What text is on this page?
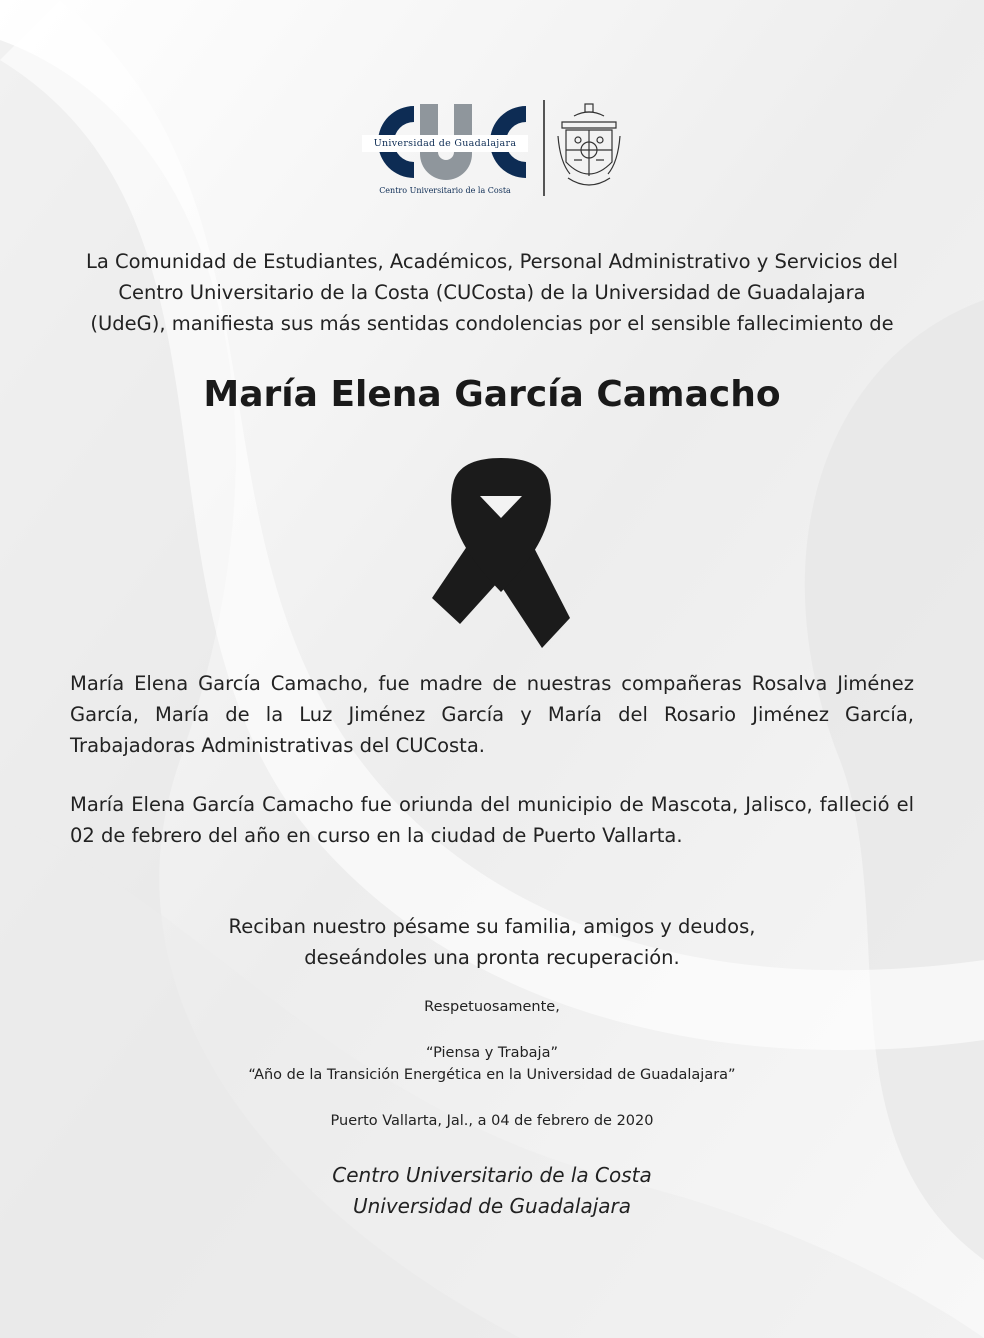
Universidad de Guadalajara
Centro Universitario de la Costa
La Comunidad de Estudiantes, Académicos, Personal Administrativo y Servicios del
Centro Universitario de la Costa (CUCosta) de la Universidad de Guadalajara
(UdeG), manifiesta sus más sentidas condolencias por el sensible fallecimiento de
María Elena García Camacho
María Elena García Camacho, fue madre de nuestras compañeras Rosalva Jiménez García, María de la Luz Jiménez García y María del Rosario Jiménez García, Trabajadoras Administrativas del CUCosta.
María Elena García Camacho fue oriunda del municipio de Mascota, Jalisco, falleció el 02 de febrero del año en curso en la ciudad de Puerto Vallarta.
Reciban nuestro pésame su familia, amigos y deudos,
deseándoles una pronta recuperación.
Respetuosamente,
“Piensa y Trabaja”
“Año de la Transición Energética en la Universidad de Guadalajara”
Puerto Vallarta, Jal., a 04 de febrero de 2020
Centro Universitario de la Costa
Universidad de Guadalajara
